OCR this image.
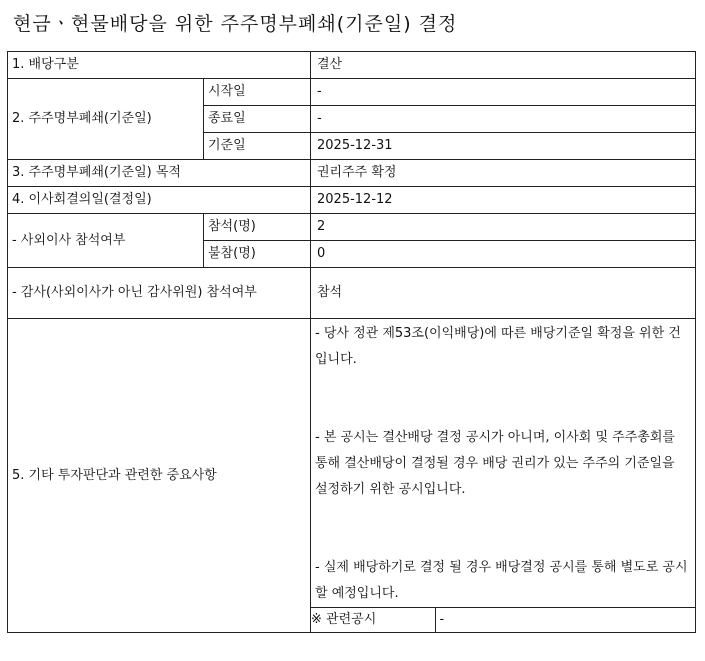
현금ㆍ현물배당을 위한 주주명부폐쇄(기준일) 결정
1. 배당구분	결산
2. 주주명부폐쇄(기준일)	시작일	-
종료일	-
기준일	2025-12-31
3. 주주명부폐쇄(기준일) 목적	권리주주 확정
4. 이사회결의일(결정일)	2025-12-12
- 사외이사 참석여부	참석(명)	2
불참(명)	0
- 감사(사외이사가 아닌 감사위원) 참석여부	참석
5. 기타 투자판단과 관련한 중요사항	

- 당사 정관 제53조(이익배당)에 따른 배당기준일 확정을 위한 건입니다.

- 본 공시는 결산배당 결정 공시가 아니며, 이사회 및 주주총회를 통해 결산배당이 결정될 경우 배당 권리가 있는 주주의 기준일을 설정하기 위한 공시입니다.

- 실제 배당하기로 결정 될 경우 배당결정 공시를 통해 별도로 공시할 예정입니다.

※ 관련공시	-
